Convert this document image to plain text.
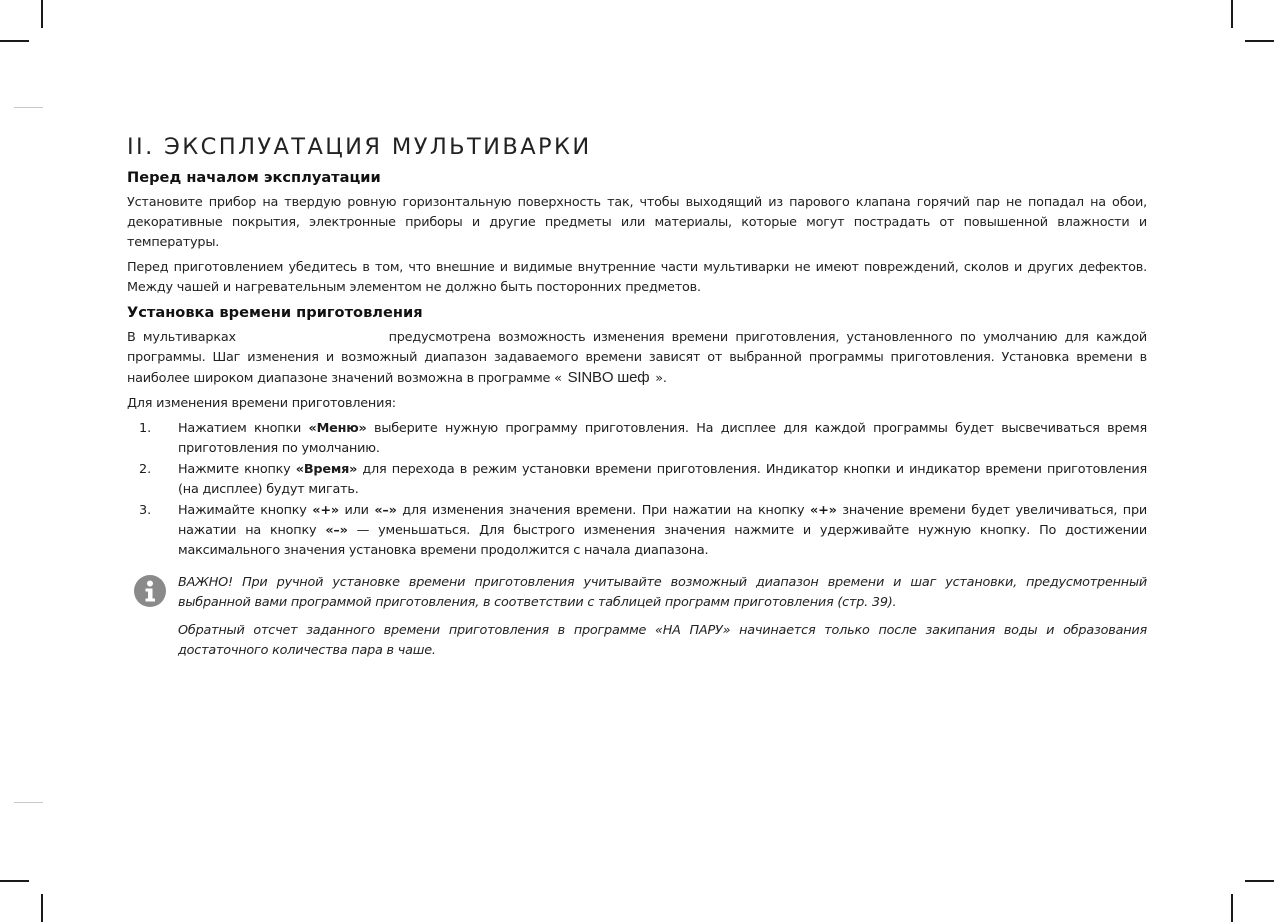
II. ЭКСПЛУАТАЦИЯ МУЛЬТИВАРКИ
Перед началом эксплуатации
Установите прибор на твердую ровную горизонтальную поверхность так, чтобы выходящий из парового клапана горячий пар не попадал на обои, декоративные покрытия, электронные приборы и другие предметы или материалы, которые могут пострадать от повышенной влажности и температуры.
Перед приготовлением убедитесь в том, что внешние и видимые внутренние части мультиварки не имеют повреждений, сколов и других дефектов. Между чашей и нагревательным элементом не должно быть посторонних предметов.
Установка времени приготовления
В мультиварках	предусмотрена возможность изменения времени приготовления, установленного по умолчанию для каждой программы. Шаг изменения и возможный диапазон задаваемого времени зависят от выбранной программы приготовления. Установка времени в наиболее широком диапазоне значений возможна в программе « SINBO шеф ».
Для изменения времени приготовления:
1.	Нажатием кнопки «Меню» выберите нужную программу приготовления. На дисплее для каждой программы будет высвечиваться время приготовления по умолчанию.
2.	Нажмите кнопку «Время» для перехода в режим установки времени приготовления. Индикатор кнопки и индикатор времени приготовления (на дисплее) будут мигать.
3.	Нажимайте кнопку «+» или «–» для изменения значения времени. При нажатии на кнопку «+» значение времени будет увеличиваться, при нажатии на кнопку «–» — уменьшаться. Для быстрого изменения значения нажмите и удерживайте нужную кнопку. По достижении максимального значения установка времени продолжится с начала диапазона.
ВАЖНО! При ручной установке времени приготовления учитывайте возможный диапазон времени и шаг установки, предусмотренный выбранной вами программой приготовления, в соответствии с таблицей программ приготовления (стр. 39).
Обратный отсчет заданного времени приготовления в программе «НА ПАРУ» начинается только после закипания воды и образования достаточного количества пара в чаше.
